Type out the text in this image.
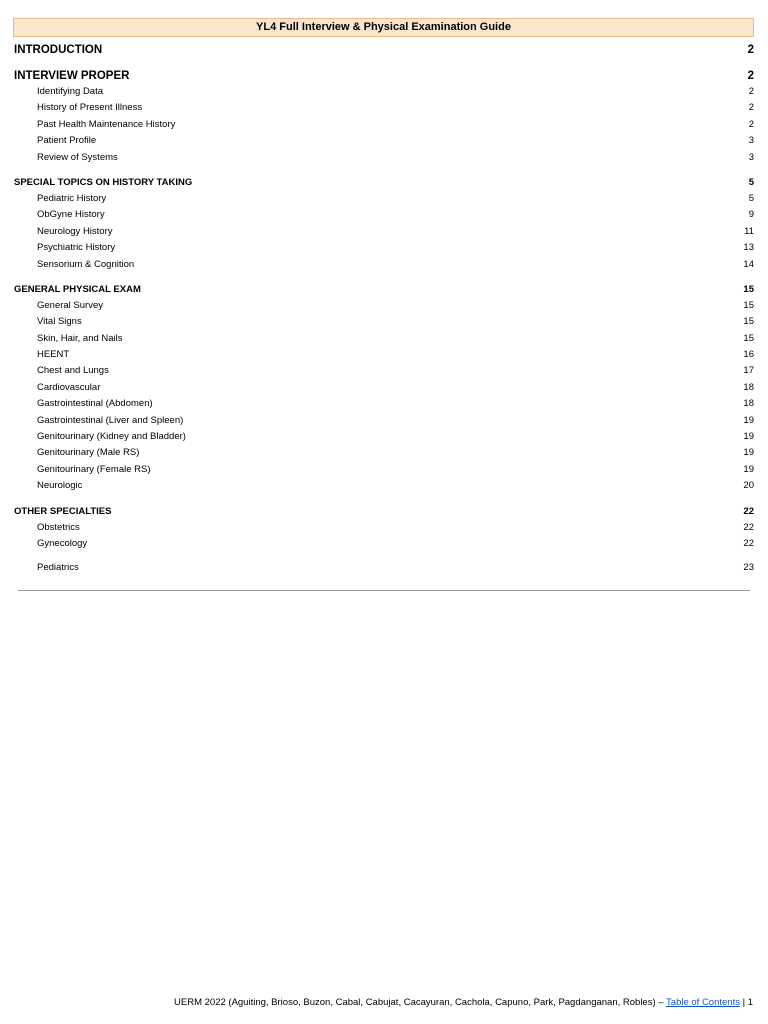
YL4 Full Interview & Physical Examination Guide
INTRODUCTION	2
INTERVIEW PROPER	2
Identifying Data	2
History of Present Illness	2
Past Health Maintenance History	2
Patient Profile	3
Review of Systems	3
SPECIAL TOPICS ON HISTORY TAKING	5
Pediatric History	5
ObGyne History	9
Neurology History	11
Psychiatric History	13
Sensorium & Cognition	14
GENERAL PHYSICAL EXAM	15
General Survey	15
Vital Signs	15
Skin, Hair, and Nails	15
HEENT	16
Chest and Lungs	17
Cardiovascular	18
Gastrointestinal (Abdomen)	18
Gastrointestinal (Liver and Spleen)	19
Genitourinary (Kidney and Bladder)	19
Genitourinary (Male RS)	19
Genitourinary (Female RS)	19
Neurologic	20
OTHER SPECIALTIES	22
Obstetrics	22
Gynecology	22
Pediatrics	23
UERM 2022 (Aguiting, Brioso, Buzon, Cabal, Cabujat, Cacayuran, Cachola, Capuno, Park, Pagdanganan, Robles) – Table of Contents | 1
